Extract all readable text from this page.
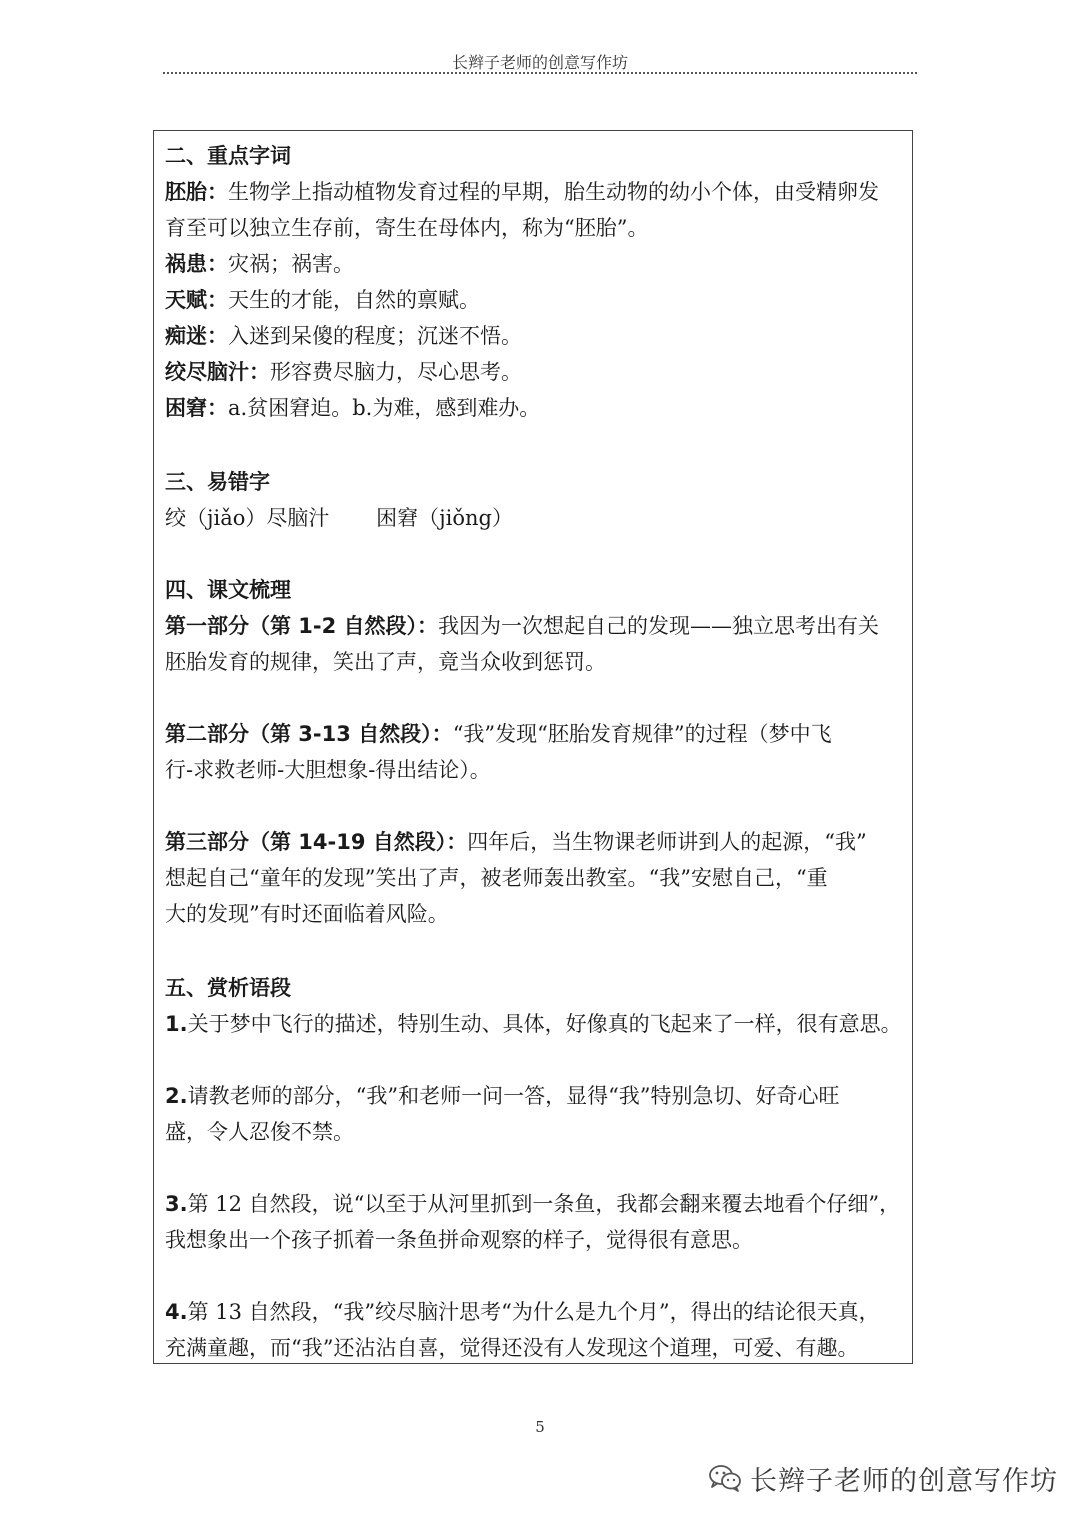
长辫子老师的创意写作坊
二、重点字词
胚胎：生物学上指动植物发育过程的早期，胎生动物的幼小个体，由受精卵发
育至可以独立生存前，寄生在母体内，称为“胚胎”。
祸患：灾祸；祸害。
天赋：天生的才能，自然的禀赋。
痴迷：入迷到呆傻的程度；沉迷不悟。
绞尽脑汁：形容费尽脑力，尽心思考。
困窘：a.贫困窘迫。b.为难，感到难办。
三、易错字
绞（jiǎo）尽脑汁       困窘（jiǒng）
四、课文梳理
第一部分（第 1-2 自然段）：我因为一次想起自己的发现——独立思考出有关
胚胎发育的规律，笑出了声，竟当众收到惩罚。
第二部分（第 3-13 自然段）：“我”发现“胚胎发育规律”的过程（梦中飞
行-求救老师-大胆想象-得出结论）。
第三部分（第 14-19 自然段）：四年后，当生物课老师讲到人的起源，“我”
想起自己“童年的发现”笑出了声，被老师轰出教室。“我”安慰自己，“重
大的发现”有时还面临着风险。
五、赏析语段
1.关于梦中飞行的描述，特别生动、具体，好像真的飞起来了一样，很有意思。
2.请教老师的部分，“我”和老师一问一答，显得“我”特别急切、好奇心旺
盛，令人忍俊不禁。
3.第 12 自然段，说“以至于从河里抓到一条鱼，我都会翻来覆去地看个仔细”，
我想象出一个孩子抓着一条鱼拼命观察的样子，觉得很有意思。
4.第 13 自然段，“我”绞尽脑汁思考“为什么是九个月”，得出的结论很天真，
充满童趣，而“我”还沾沾自喜，觉得还没有人发现这个道理，可爱、有趣。
5
长辫子老师的创意写作坊
